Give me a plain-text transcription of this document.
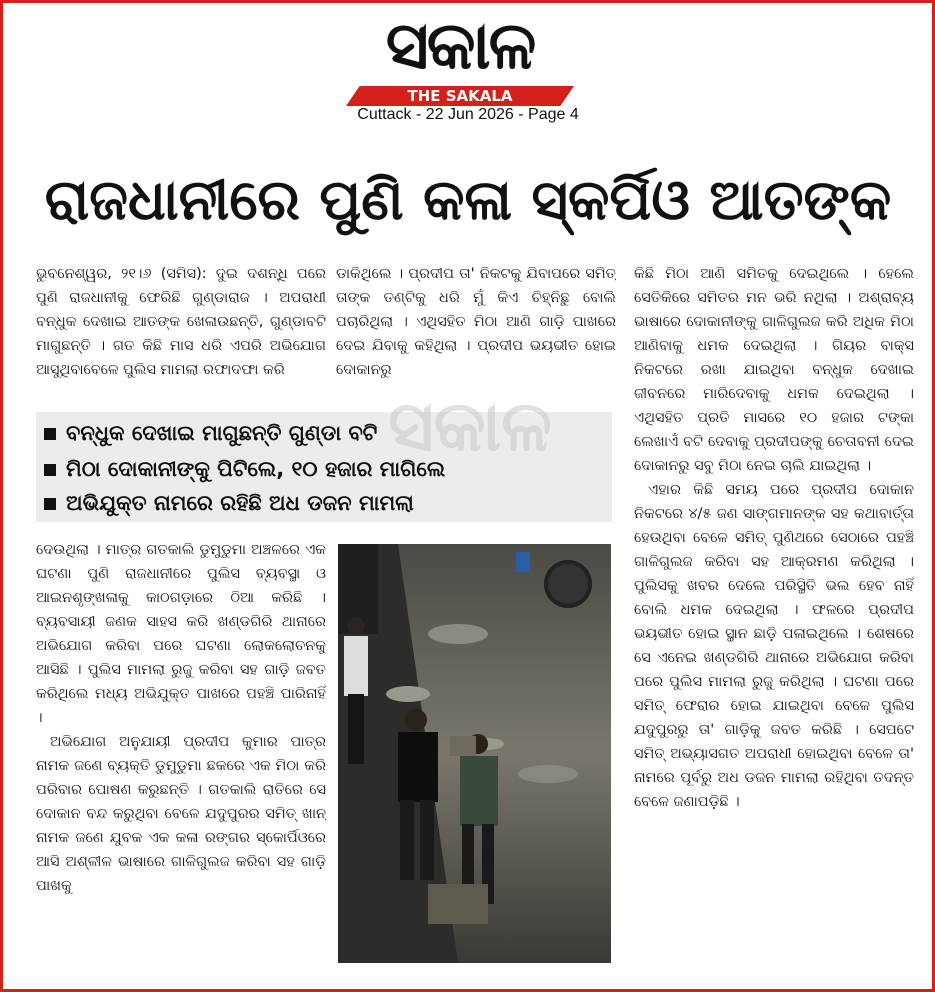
ସକାଳ
THE SAKALA
Cuttack - 22 Jun 2026 - Page 4
ରାଜଧାନୀରେ ପୁଣି କଳା ସ୍କର୍ପିଓ ଆତଙ୍କ

ଭୁବନେଶ୍ୱର, ୨୧।୬ (ସମିସ): ଦୁଇ ଦଶନ୍ଧି ପରେ ପୁଣି ରାଜଧାନୀକୁ ଫେରିଛି ଗୁଣ୍ଡାରାଜ । ଅପରାଧୀ ବନ୍ଧୁକ ଦେଖାଇ ଆତଙ୍କ ଖେଳାଉଛନ୍ତି, ଗୁଣ୍ଡାବଟି ମାଗୁଛନ୍ତି । ଗତ କିଛି ମାସ ଧରି ଏପରି ଅଭିଯୋଗ ଆସୁଥିବାବେଳେ ପୁଲିସ ମାମଲା ରଫାଦଫା କରି

ଡାକିଥିଲେ । ପ୍ରଦୀପ ତା' ନିକଟକୁ ଯିବାପରେ ସମିତ୍ ତାଙ୍କ ତଣ୍ଟିକୁ ଧରି ମୁଁ କିଏ ଚିହ୍ନିଛୁ ବୋଲି ପଚାରିଥିଲା । ଏଥିସହିତ ମିଠା ଆଣି ଗାଡ଼ି ପାଖରେ ଦେଇ ଯିବାକୁ କହିଥିଲା । ପ୍ରଦୀପ ଭୟଭୀତ ହୋଇ ଦୋକାନରୁ

ବନ୍ଧୁକ ଦେଖାଇ ମାଗୁଛନ୍ତି ଗୁଣ୍ଡା ବଟି
ମିଠା ଦୋକାନୀଙ୍କୁ ପିଟିଲେ, ୧୦ ହଜାର ମାଗିଲେ
ଅଭିଯୁକ୍ତ ନାମରେ ରହିଛି ଅଧ ଡଜନ ମାମଲା
ସକାଳ

କିଛି ମିଠା ଆଣି ସମିତକୁ ଦେଇଥିଲେ । ହେଲେ ସେତିକିରେ ସମିତର ମନ ଭରି ନଥିଲା । ଅଶ୍ରାବ୍ୟ ଭାଷାରେ ଦୋକାନୀଙ୍କୁ ଗାଳିଗୁଲଜ କରି ଅଧିକ ମିଠା ଆଣିବାକୁ ଧମକ ଦେଇଥିଲା । ଗିୟର ବାକ୍ସ ନିକଟରେ ରଖା ଯାଇଥିବା ବନ୍ଧୁକ ଦେଖାଇ ଜୀବନରେ ମାରିଦେବାକୁ ଧମକ ଦେଇଥିଲା । ଏଥିସହିତ ପ୍ରତି ମାସରେ ୧୦ ହଜାର ଟଙ୍କା ଲେଖାଏଁ ବଟି ଦେବାକୁ ପ୍ରଦୀପଙ୍କୁ ଚେତାବନୀ ଦେଇ ଦୋକାନରୁ ସବୁ ମିଠା ନେଇ ଚାଲି ଯାଇଥିଲା ।

ଏହାର କିଛି ସମୟ ପରେ ପ୍ରଦୀପ ଦୋକାନ ନିକଟରେ ୪/୫ ଜଣ ସାଙ୍ଗମାନଙ୍କ ସହ କଥାବାର୍ତ୍ତା ହେଉଥିବା ବେଳେ ସମିତ୍ ପୁଣିଥରେ ସେଠାରେ ପହଞ୍ଚି ଗାଳିଗୁଲଜ କରିବା ସହ ଆକ୍ରମଣ କରିଥିଲା । ପୁଲିସକୁ ଖବର ଦେଲେ ପରିସ୍ଥିତି ଭଲ ହେବ ନାହିଁ ବୋଲି ଧମକ ଦେଇଥିଲା । ଫଳରେ ପ୍ରଦୀପ ଭୟଭୀତ ହୋଇ ସ୍ଥାନ ଛାଡ଼ି ପଳାଇଥିଲେ । ଶେଷରେ ସେ ଏନେଇ ଖଣ୍ଡଗିରି ଥାନାରେ ଅଭିଯୋଗ କରିବା ପରେ ପୁଲିସ ମାମଲା ରୁଜୁ କରିଥିଲା । ଘଟଣା ପରେ ସମିତ୍ ଫେରାର ହୋଇ ଯାଇଥିବା ବେଳେ ପୁଲିସ ଯଦୁପୁରରୁ ତା' ଗାଡ଼ିକୁ ଜବତ କରିଛି । ସେପଟେ ସମିତ୍ ଅଭ୍ୟାସଗତ ଅପରାଧୀ ହୋଇଥିବା ବେଳେ ତା' ନାମରେ ପୂର୍ବରୁ ଅଧ ଡଜନ ମାମଲା ରହିଥିବା ତଦନ୍ତ ବେଳେ ଜଣାପଡ଼ିଛି ।

ଦେଉଥିଲା । ମାତ୍ର ଗତକାଲି ଡୁମୁଡୁମା ଅଞ୍ଚଳରେ ଏକ ଘଟଣା ପୁଣି ରାଜଧାନୀରେ ପୁଲିସ ବ୍ୟବସ୍ଥା ଓ ଆଇନଶୃଙ୍ଖଳାକୁ କାଠଗଡ଼ାରେ ଠିଆ କରିଛି । ବ୍ୟବସାୟୀ ଜଣକ ସାହସ କରି ଖଣ୍ଡଗିରି ଥାନାରେ ଅଭିଯୋଗ କରିବା ପରେ ଘଟଣା ଲୋକଲୋଚନକୁ ଆସିଛି । ପୁଲିସ ମାମଲା ରୁଜୁ କରିବା ସହ ଗାଡ଼ି ଜବତ କରିଥିଲେ ମଧ୍ୟ ଅଭିଯୁକ୍ତ ପାଖରେ ପହଞ୍ଚି ପାରିନାହିଁ ।

ଅଭିଯୋଗ ଅନୁଯାୟୀ ପ୍ରଦୀପ କୁମାର ପାତ୍ର ନାମକ ଜଣେ ବ୍ୟକ୍ତି ଡୁମୁଡୁମା ଛକରେ ଏକ ମିଠା କରି ପରିବାର ପୋଷଣ କରୁଛନ୍ତି । ଗତକାଲି ରାତିରେ ସେ ଦୋକାନ ବନ୍ଦ କରୁଥିବା ବେଳେ ଯଦୁପୁରର ସମିତ୍ ଖାନ୍ ନାମକ ଜଣେ ଯୁବକ ଏକ କଳା ରଙ୍ଗର ସ୍କୋର୍ପିଓରେ ଆସି ଅଶ୍ଳୀଳ ଭାଷାରେ ଗାଳିଗୁଲଜ କରିବା ସହ ଗାଡ଼ି ପାଖକୁ
